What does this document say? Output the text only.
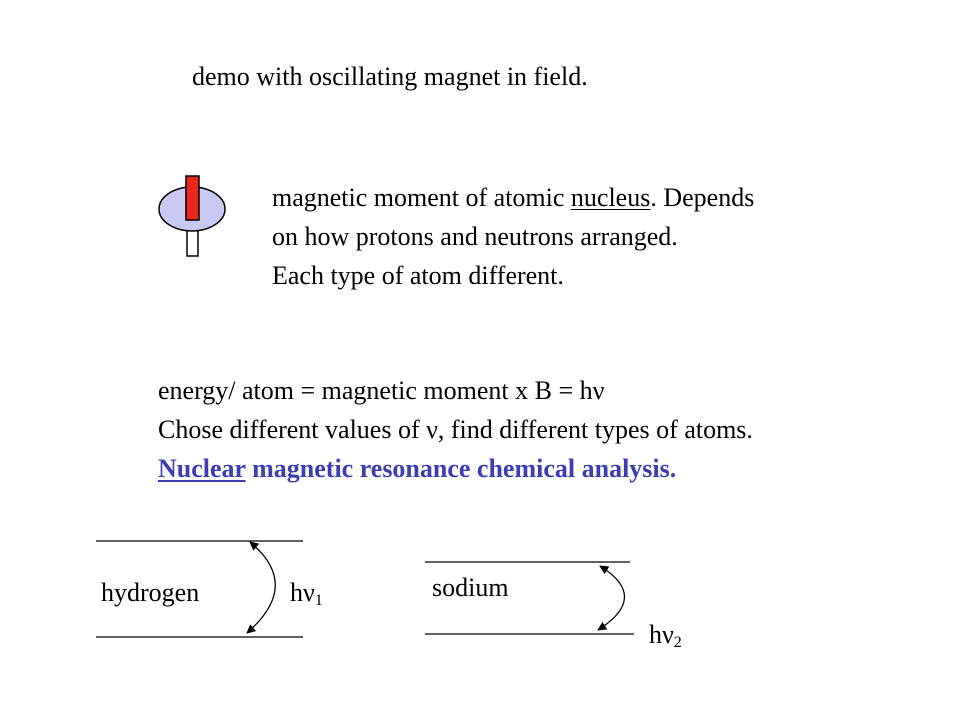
demo with oscillating magnet in field.
magnetic moment of atomic nucleus. Depends
on how protons and neutrons arranged.
Each type of atom different.
energy/ atom = magnetic moment x B = hν
Chose different values of ν, find different types of atoms.
Nuclear magnetic resonance chemical analysis.
hydrogen	$h\nu_1$	sodium
$h\nu_2$
